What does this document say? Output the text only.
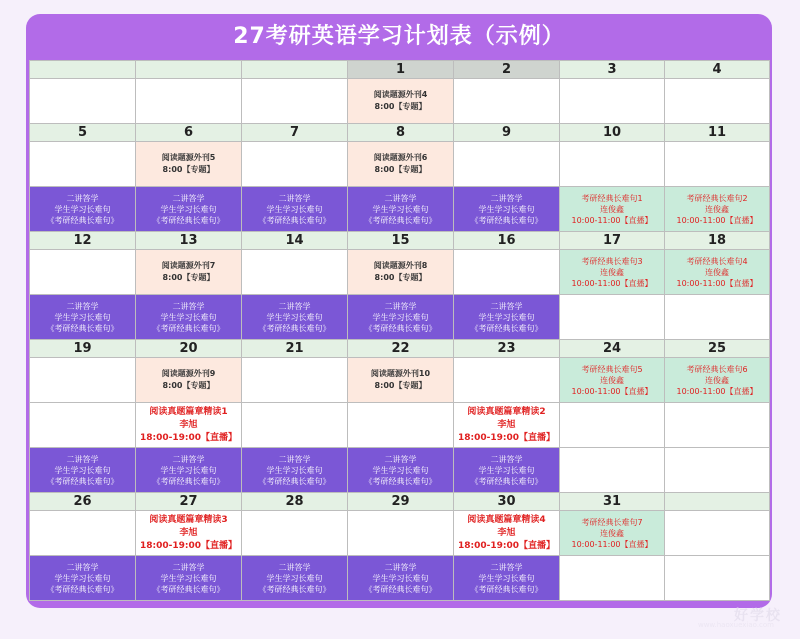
27考研英语学习计划表（示例）
			1	2	3	4

			阅读题源外刊4
8:00【专题】			

5	6	7	8	9	10	11

	阅读题源外刊5
8:00【专题】		阅读题源外刊6
8:00【专题】			

二讲答学
学生学习长难句
《考研经典长难句》	二讲答学
学生学习长难句
《考研经典长难句》	二讲答学
学生学习长难句
《考研经典长难句》	二讲答学
学生学习长难句
《考研经典长难句》	二讲答学
学生学习长难句
《考研经典长难句》	考研经典长难句1
连俊鑫
10:00-11:00【直播】	考研经典长难句2
连俊鑫
10:00-11:00【直播】

12	13	14	15	16	17	18

	阅读题源外刊7
8:00【专题】		阅读题源外刊8
8:00【专题】		考研经典长难句3
连俊鑫
10:00-11:00【直播】	考研经典长难句4
连俊鑫
10:00-11:00【直播】

二讲答学
学生学习长难句
《考研经典长难句》	二讲答学
学生学习长难句
《考研经典长难句》	二讲答学
学生学习长难句
《考研经典长难句》	二讲答学
学生学习长难句
《考研经典长难句》	二讲答学
学生学习长难句
《考研经典长难句》		

19	20	21	22	23	24	25

	阅读题源外刊9
8:00【专题】		阅读题源外刊10
8:00【专题】		考研经典长难句5
连俊鑫
10:00-11:00【直播】	考研经典长难句6
连俊鑫
10:00-11:00【直播】

	阅读真题篇章精读1
李旭
18:00-19:00【直播】			阅读真题篇章精读2
李旭
18:00-19:00【直播】		

二讲答学
学生学习长难句
《考研经典长难句》	二讲答学
学生学习长难句
《考研经典长难句》	二讲答学
学生学习长难句
《考研经典长难句》	二讲答学
学生学习长难句
《考研经典长难句》	二讲答学
学生学习长难句
《考研经典长难句》		

26	27	28	29	30	31	

	阅读真题篇章精读3
李旭
18:00-19:00【直播】			阅读真题篇章精读4
李旭
18:00-19:00【直播】	考研经典长难句7
连俊鑫
10:00-11:00【直播】	

二讲答学
学生学习长难句
《考研经典长难句》	二讲答学
学生学习长难句
《考研经典长难句》	二讲答学
学生学习长难句
《考研经典长难句》	二讲答学
学生学习长难句
《考研经典长难句》	二讲答学
学生学习长难句
《考研经典长难句》		

好学校
www.haoxuexiao.com
